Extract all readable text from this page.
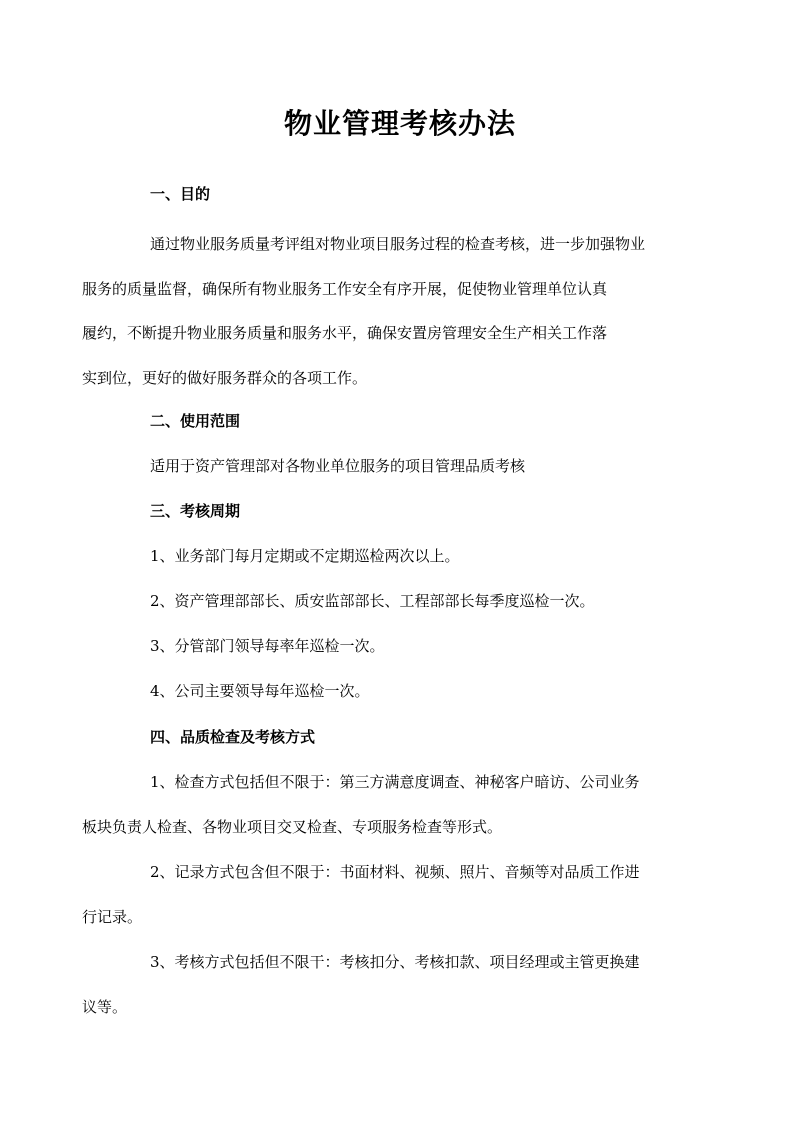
物业管理考核办法
一、目的
通过物业服务质量考评组对物业项目服务过程的检查考核，进一步加强物业
服务的质量监督，确保所有物业服务工作安全有序开展，促使物业管理单位认真
履约，不断提升物业服务质量和服务水平，确保安置房管理安全生产相关工作落
实到位，更好的做好服务群众的各项工作。
二、使用范围
适用于资产管理部对各物业单位服务的项目管理品质考核
三、考核周期
1、业务部门每月定期或不定期巡检两次以上。
2、资产管理部部长、质安监部部长、工程部部长每季度巡检一次。
3、分管部门领导每率年巡检一次。
4、公司主要领导每年巡检一次。
四、品质检查及考核方式
1、检查方式包括但不限于：第三方满意度调查、神秘客户暗访、公司业务
板块负责人检查、各物业项目交叉检查、专项服务检查等形式。
2、记录方式包含但不限于：书面材料、视频、照片、音频等对品质工作进
行记录。
3、考核方式包括但不限干：考核扣分、考核扣款、项目经理或主管更换建
议等。
